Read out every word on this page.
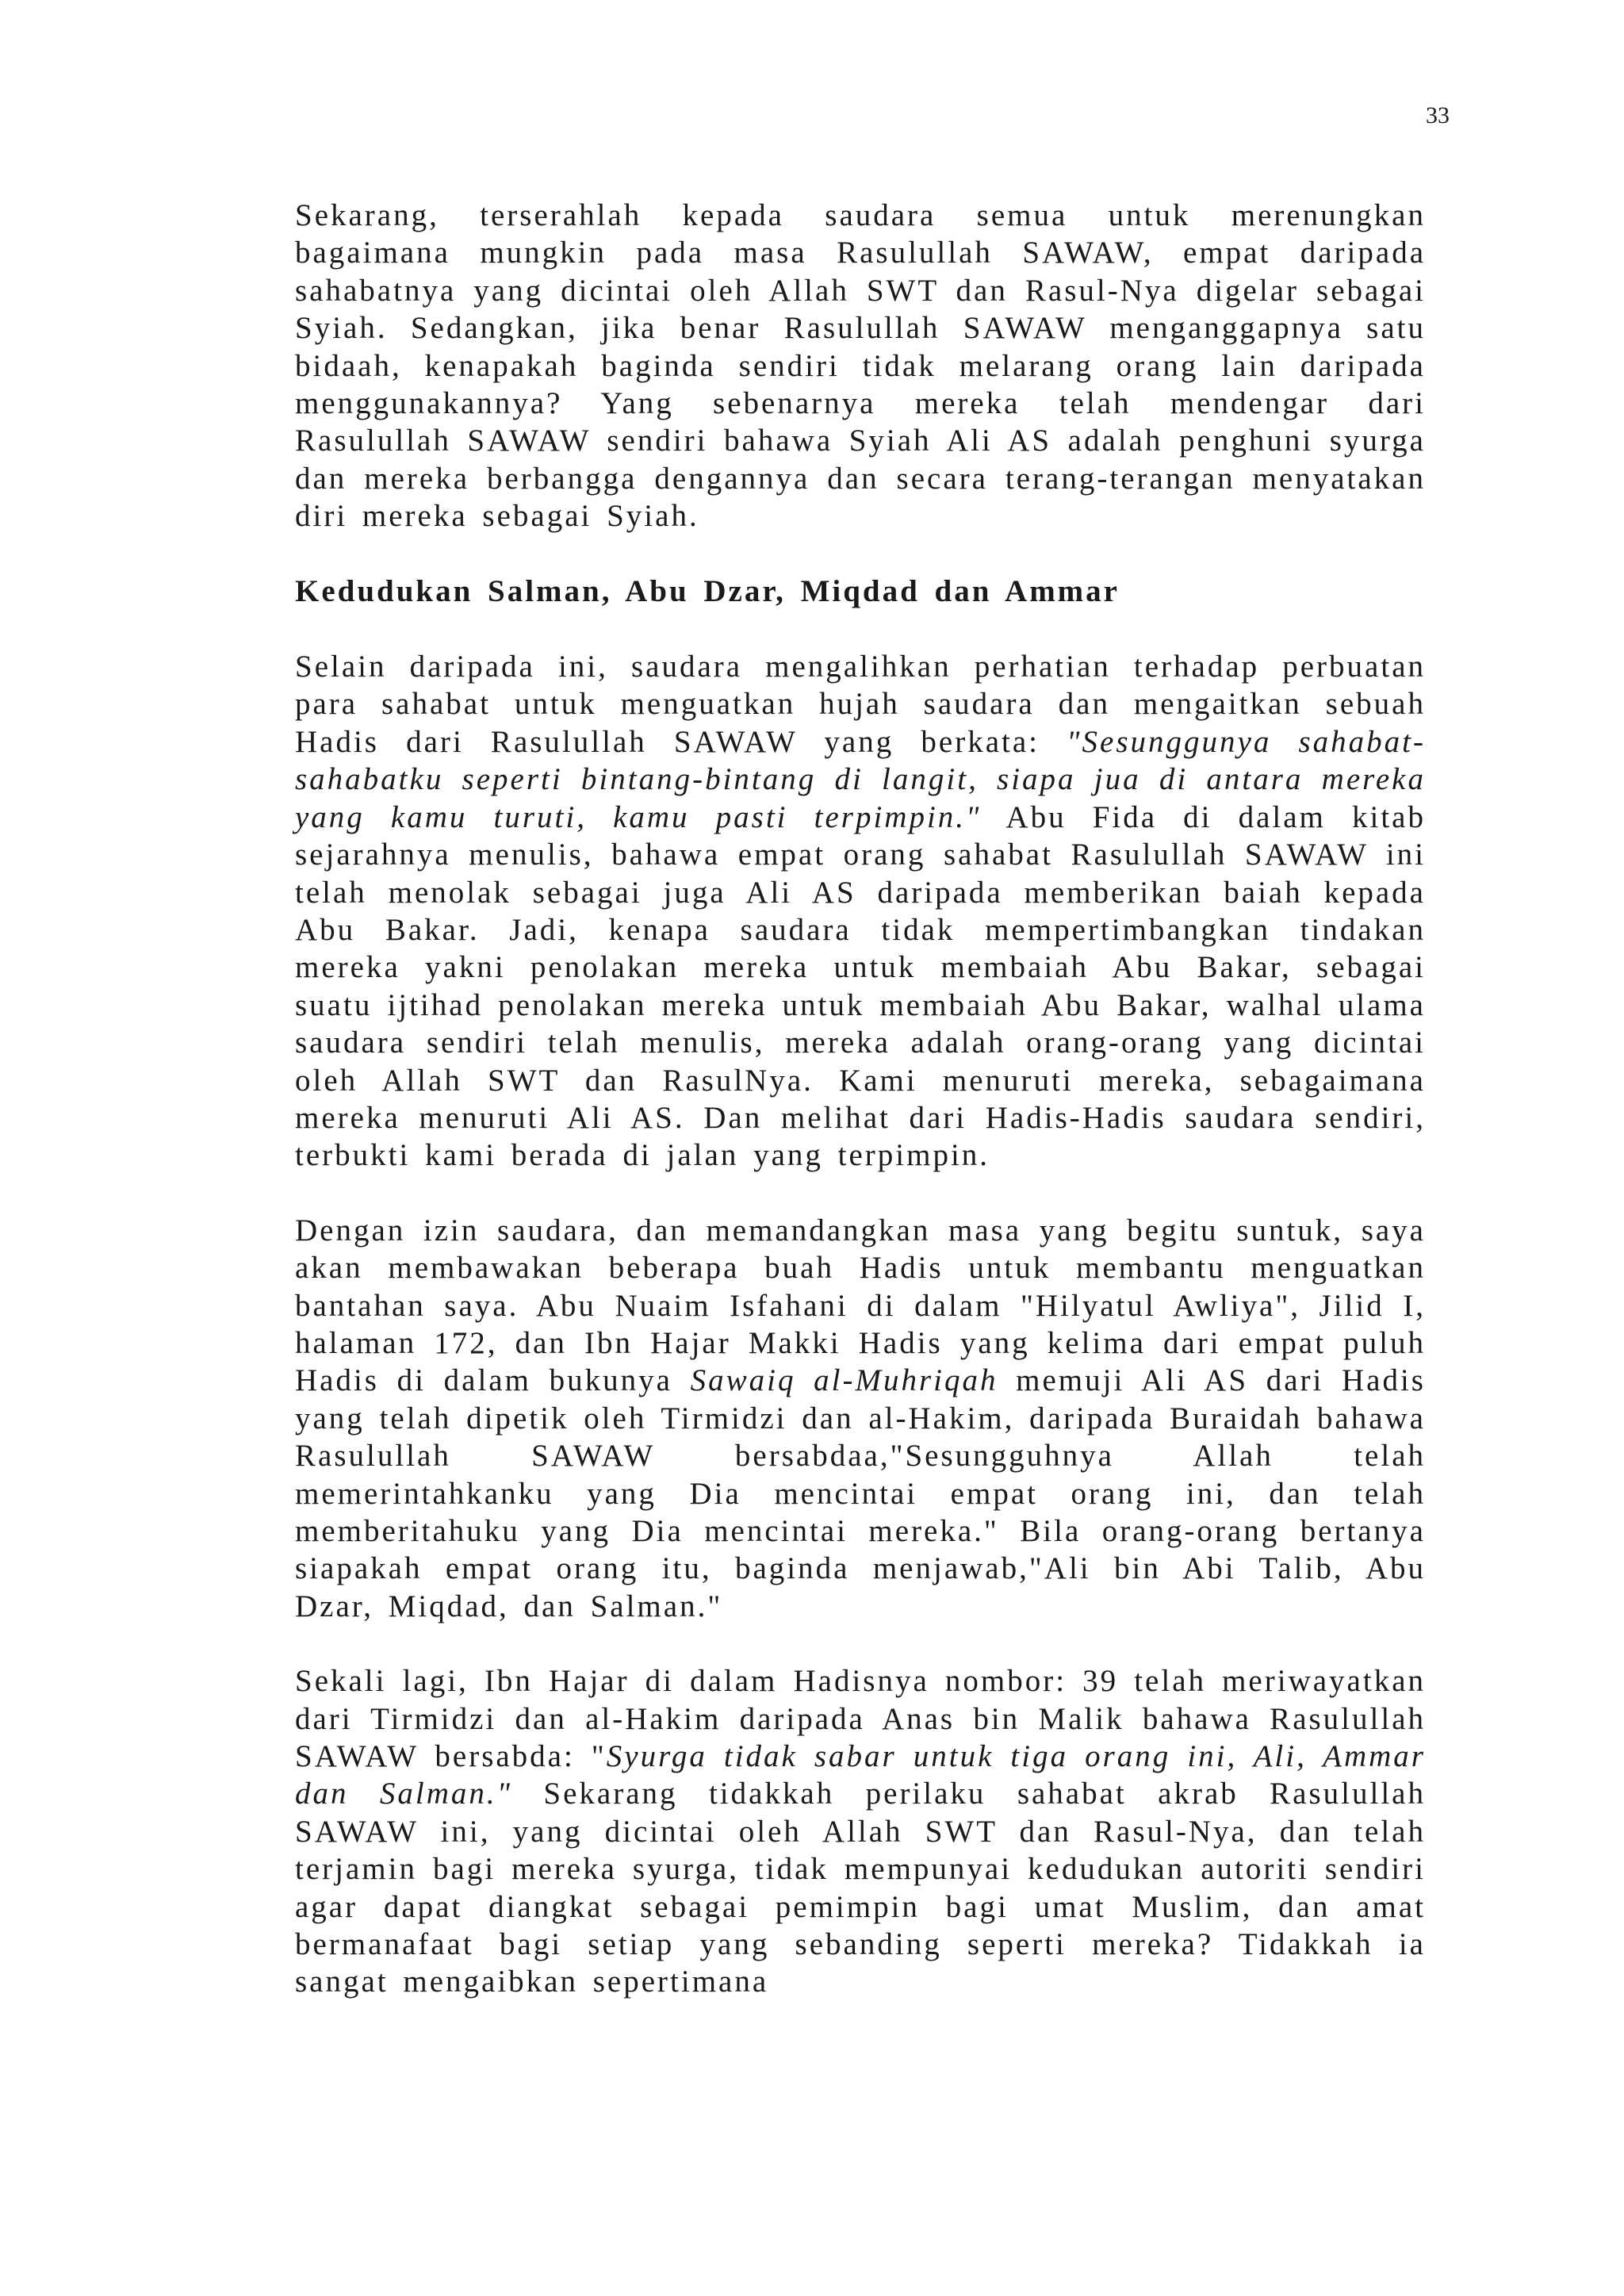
33

Sekarang, terserahlah kepada saudara semua untuk merenungkan bagaimana mungkin pada masa Rasulullah SAWAW, empat daripada sahabatnya yang dicintai oleh Allah SWT dan Rasul-Nya digelar sebagai Syiah. Sedangkan, jika benar Rasulullah SAWAW menganggapnya satu bidaah, kenapakah baginda sendiri tidak melarang orang lain daripada menggunakannya? Yang sebenarnya mereka telah mendengar dari Rasulullah SAWAW sendiri bahawa Syiah Ali AS adalah penghuni syurga dan mereka berbangga dengannya dan secara terang-terangan menyatakan diri mereka sebagai Syiah.

Kedudukan Salman, Abu Dzar, Miqdad dan Ammar

Selain daripada ini, saudara mengalihkan perhatian terhadap perbuatan para sahabat untuk menguatkan hujah saudara dan mengaitkan sebuah Hadis dari Rasulullah SAWAW yang berkata: "Sesunggunya sahabat-sahabatku seperti bintang-bintang di langit, siapa jua di antara mereka yang kamu turuti, kamu pasti terpimpin." Abu Fida di dalam kitab sejarahnya menulis, bahawa empat orang sahabat Rasulullah SAWAW ini telah menolak sebagai juga Ali AS daripada memberikan baiah kepada Abu Bakar. Jadi, kenapa saudara tidak mempertimbangkan tindakan mereka yakni penolakan mereka untuk membaiah Abu Bakar, sebagai suatu ijtihad penolakan mereka untuk membaiah Abu Bakar, walhal ulama saudara sendiri telah menulis, mereka adalah orang-orang yang dicintai oleh Allah SWT dan RasulNya. Kami menuruti mereka, sebagaimana mereka menuruti Ali AS. Dan melihat dari Hadis-Hadis saudara sendiri, terbukti kami berada di jalan yang terpimpin.

Dengan izin saudara, dan memandangkan masa yang begitu suntuk, saya akan membawakan beberapa buah Hadis untuk membantu menguatkan bantahan saya. Abu Nuaim Isfahani di dalam "Hilyatul Awliya", Jilid I, halaman 172, dan Ibn Hajar Makki Hadis yang kelima dari empat puluh Hadis di dalam bukunya Sawaiq al-Muhriqah memuji Ali AS dari Hadis yang telah dipetik oleh Tirmidzi dan al-Hakim, daripada Buraidah bahawa Rasulullah SAWAW bersabdaa,"Sesungguhnya Allah telah memerintahkanku yang Dia mencintai empat orang ini, dan telah memberitahuku yang Dia mencintai mereka." Bila orang-orang bertanya siapakah empat orang itu, baginda menjawab,"Ali bin Abi Talib, Abu Dzar, Miqdad, dan Salman."

Sekali lagi, Ibn Hajar di dalam Hadisnya nombor: 39 telah meriwayatkan dari Tirmidzi dan al-Hakim daripada Anas bin Malik bahawa Rasulullah SAWAW bersabda: "Syurga tidak sabar untuk tiga orang ini, Ali, Ammar dan Salman." Sekarang tidakkah perilaku sahabat akrab Rasulullah SAWAW ini, yang dicintai oleh Allah SWT dan Rasul-Nya, dan telah terjamin bagi mereka syurga, tidak mempunyai kedudukan autoriti sendiri agar dapat diangkat sebagai pemimpin bagi umat Muslim, dan amat bermanafaat bagi setiap yang sebanding seperti mereka? Tidakkah ia sangat mengaibkan sepertimana
